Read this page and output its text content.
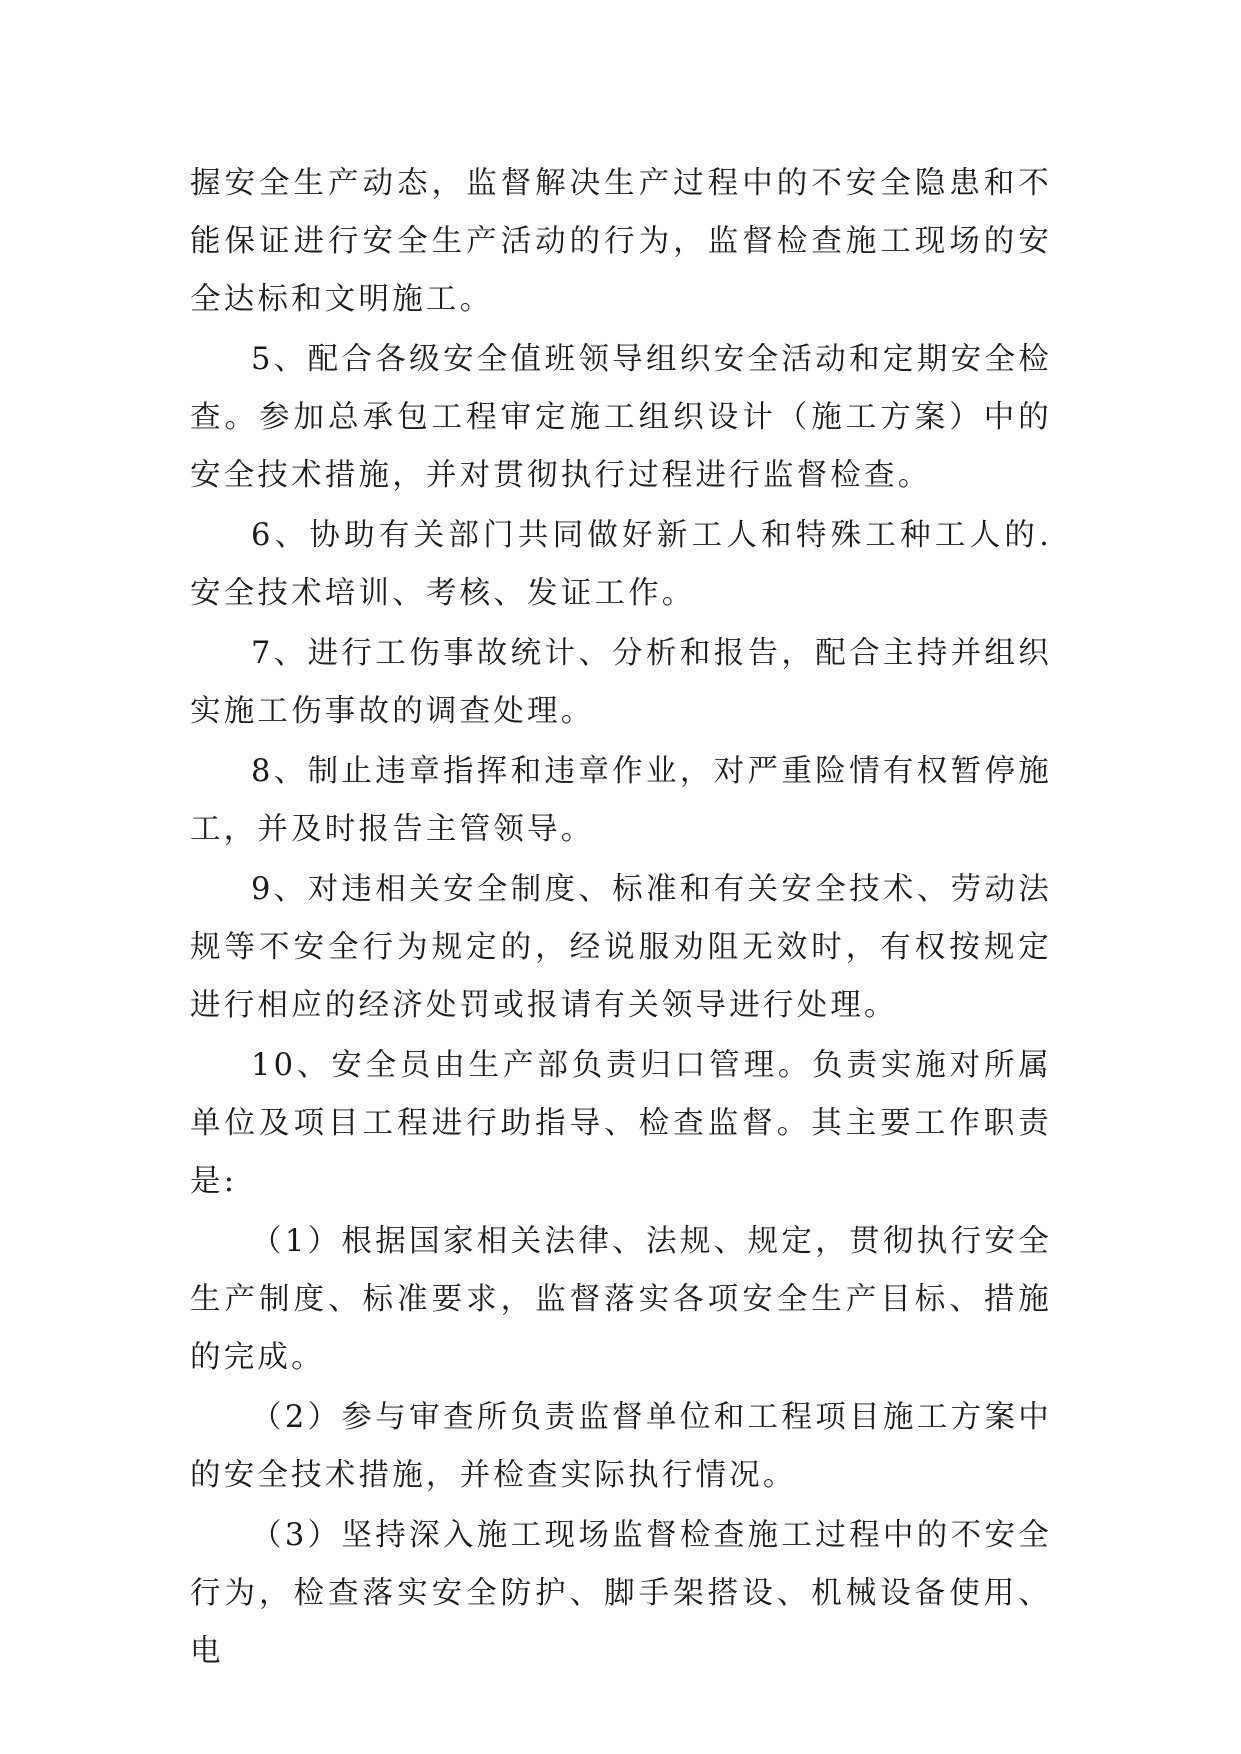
握安全生产动态，监督解决生产过程中的不安全隐患和不能保证进行安全生产活动的行为，监督检查施工现场的安全达标和文明施工。

5、配合各级安全值班领导组织安全活动和定期安全检查。参加总承包工程审定施工组织设计（施工方案）中的安全技术措施，并对贯彻执行过程进行监督检查。

6、协助有关部门共同做好新工人和特殊工种工人的.安全技术培训、考核、发证工作。

7、进行工伤事故统计、分析和报告，配合主持并组织实施工伤事故的调查处理。

8、制止违章指挥和违章作业，对严重险情有权暂停施工，并及时报告主管领导。

9、对违相关安全制度、标准和有关安全技术、劳动法规等不安全行为规定的，经说服劝阻无效时，有权按规定进行相应的经济处罚或报请有关领导进行处理。

10、安全员由生产部负责归口管理。负责实施对所属单位及项目工程进行助指导、检查监督。其主要工作职责是:

（1）根据国家相关法律、法规、规定，贯彻执行安全生产制度、标准要求，监督落实各项安全生产目标、措施的完成。

（2）参与审查所负责监督单位和工程项目施工方案中的安全技术措施，并检查实际执行情况。

（3）坚持深入施工现场监督检查施工过程中的不安全行为，检查落实安全防护、脚手架搭设、机械设备使用、电
